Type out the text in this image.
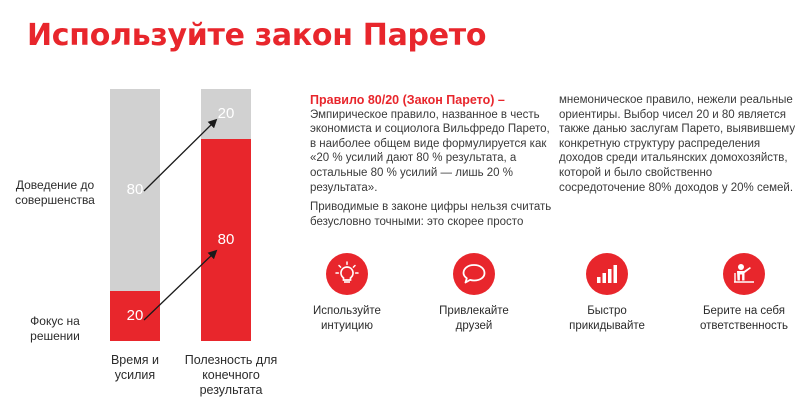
Используйте закон Парето
80
20
20
80
Доведение до
совершенства
Фокус на
решении
Время и
усилия
Полезность для
конечного
результата
Правило 80/20 (Закон Парето) –
Эмпирическое правило, названное в честь экономиста и социолога Вильфредо Парето, в наиболее общем виде формулируется как «20 % усилий дают 80 % результата, а остальные 80 % усилий — лишь 20 % результата».
Приводимые в законе цифры нельзя считать безусловно точными: это скорее просто
мнемоническое правило, нежели реальные ориентиры. Выбор чисел 20 и 80 является также данью заслугам Парето, выявившему конкретную структуру распределения доходов среди итальянских домохозяйств, которой и было свойственно сосредоточение 80% доходов у 20% семей.
Используйте
интуицию
Привлекайте
друзей
Быстро
прикидывайте
Берите на себя
ответственность
